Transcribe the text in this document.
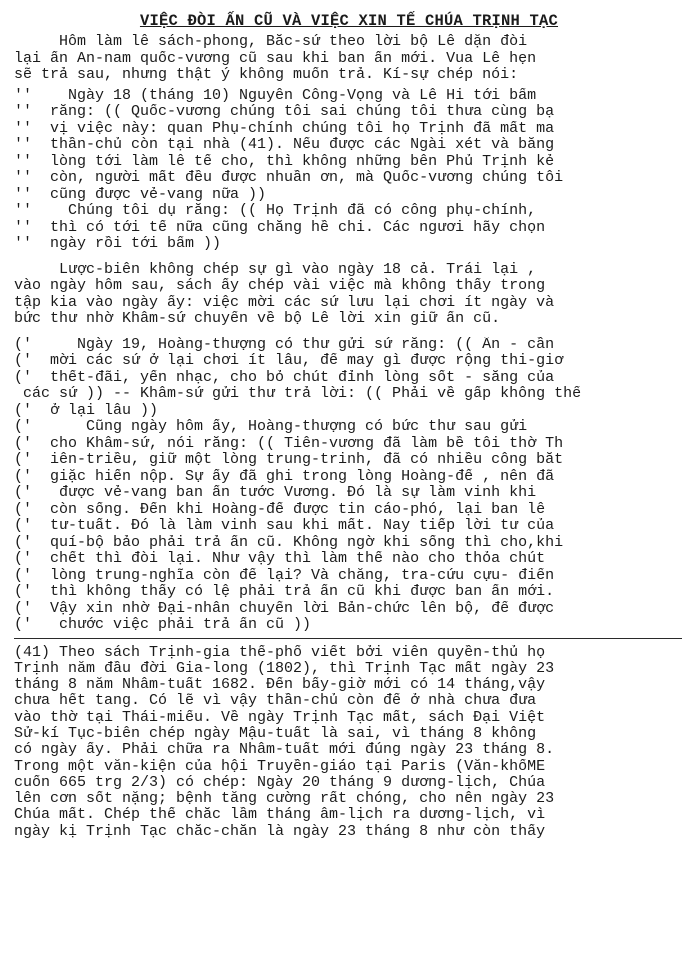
VIỆC ĐÒI ẤN CŨ VÀ VIỆC XIN TẾ CHÚA TRỊNH TẠC
Hôm làm lễ sách-phong, Bắc-sứ theo lời bộ Lễ dặn đòi
lại ấn An-nam quốc-vương cũ sau khi ban ấn mới. Vua Lê hẹn
sẽ trả sau, nhưng thật ý không muốn trả. Kí-sự chép nói:
''    Ngày 18 (tháng 10) Nguyễn Công-Vọng và Lê Hi tới bẩm
''  rằng: (( Quốc-vương chúng tôi sai chúng tôi thưa cùng bạ
''  vị việc này: quan Phụ-chính chúng tôi họ Trịnh đã mất ma
''  thần-chủ còn tại nhà (41). Nếu được các Ngài xét và bằng
''  lòng tới làm lễ tế cho, thì không những bên Phủ Trịnh kẻ
''  còn, người mất đều được nhuần ơn, mà Quốc-vương chúng tôi
''  cũng được vẻ-vang nữa ))
''    Chúng tôi dụ rằng: (( Họ Trịnh đã có công phụ-chính,
''  thì có tới tế nữa cũng chẳng hề chi. Các ngươi hãy chọn
''  ngày rồi tới bẩm ))
Lược-biên không chép sự gì vào ngày 18 cả. Trái lại ,
vào ngày hôm sau, sách ấy chép vài việc mà không thấy trong
tập kia vào ngày ấy: việc mời các sứ lưu lại chơi ít ngày và
bức thư nhờ Khâm-sứ chuyển về bộ Lễ lời xin giữ ấn cũ.
('     Ngày 19, Hoàng-thượng có thư gửi sứ rằng: (( Ân - cần
('  mời các sứ ở lại chơi ít lâu, để may gì được rộng thi-giơ
('  thết-đãi, yến nhạc, cho bỏ chút đỉnh lòng sốt - sắng của
các sứ )) -- Khâm-sứ gửi thư trả lời: (( Phải về gấp không thể
('  ở lại lâu ))
('      Cũng ngày hôm ấy, Hoàng-thượng có bức thư sau gửi
('  cho Khâm-sứ, nói rằng: (( Tiên-vương đã làm bề tôi thờ Th
('  iên-triều, giữ một lòng trung-trinh, đã có nhiều công bắt
('  giặc hiến nộp. Sự ấy đã ghi trong lòng Hoàng-đế , nên đã
('   được vẻ-vang ban ấn tước Vương. Đó là sự làm vinh khi
('  còn sống. Đến khi Hoàng-đế được tin cáo-phó, lại ban lễ
('  tư-tuất. Đó là làm vinh sau khi mất. Nay tiếp lời tư của
('  quí-bộ bảo phải trả ấn cũ. Không ngờ khi sống thì cho,khi
('  chết thì đòi lại. Như vậy thì làm thế nào cho thỏa chút
('  lòng trung-nghĩa còn để lại? Và chăng, tra-cứu cựu- điển
('  thì không thấy có lệ phải trả ấn cũ khi được ban ấn mới.
('  Vậy xin nhờ Đại-nhân chuyển lời Bản-chức lên bộ, để được
('   chước việc phải trả ấn cũ ))
(41) Theo sách Trịnh-gia thế-phổ viết bởi viên quyền-thủ họ
Trịnh năm đầu đời Gia-long (1802), thì Trịnh Tạc mất ngày 23
tháng 8 năm Nhâm-tuất 1682. Đến bấy-giờ mới có 14 tháng,vậy
chưa hết tang. Có lẽ vì vậy thần-chủ còn để ở nhà chưa đưa
vào thờ tại Thái-miếu. Về ngày Trịnh Tạc mất, sách Đại Việt
Sử-kí Tục-biên chép ngày Mậu-tuất là sai, vì tháng 8 không
có ngày ấy. Phải chữa ra Nhâm-tuất mới đúng ngày 23 tháng 8.
Trong một văn-kiện của hội Truyền-giáo tại Paris (Văn-khốME
cuốn 665 trg 2/3) có chép: Ngày 20 tháng 9 dương-lịch, Chúa
lên cơn sốt nặng; bệnh tăng cường rất chóng, cho nên ngày 23
Chúa mất. Chép thế chắc lầm tháng âm-lịch ra dương-lịch, vì
ngày kị Trịnh Tạc chắc-chắn là ngày 23 tháng 8 như còn thấy
